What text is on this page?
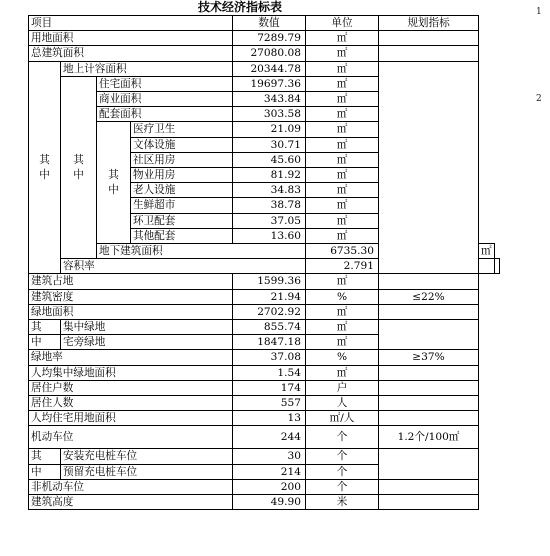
技术经济指标表	1
2
项目				数值	单位	规划指标		
用地面积				7289.79	㎡			
总建筑面积				27080.08	㎡			

其
中	地上计容面积			20344.78	㎡			

	其
中	住宅面积		19697.36	㎡			
		商业面积		343.84	㎡			
		配套面积		303.58	㎡			

		其
中	医疗卫生	21.09	㎡			
			文体设施	30.71	㎡			
			社区用房	45.60	㎡			
			物业用房	81.92	㎡			
			老人设施	34.83	㎡			
			生鲜超市	38.78	㎡			
			环卫配套	37.05	㎡			
			其他配套	13.60	㎡			
		地下建筑面积			6735.30		㎡	
	容积率				2.791			
建筑占地				1599.36	㎡			
建筑密度				21.94	%	≤22%		
绿地面积				2702.92	㎡			
其	集中绿地			855.74	㎡			
中	宅旁绿地			1847.18	㎡			
绿地率				37.08	%	≥37%		
人均集中绿地面积				1.54	㎡			
居住户数				174	户			
居住人数				557	人			
人均住宅用地面积				13	㎡/人			
机动车位				244	个	1.2个/100㎡		
其	安装充电桩车位			30	个			
中	预留充电桩车位			214	个			
非机动车位				200	个			
建筑高度				49.90	米			
